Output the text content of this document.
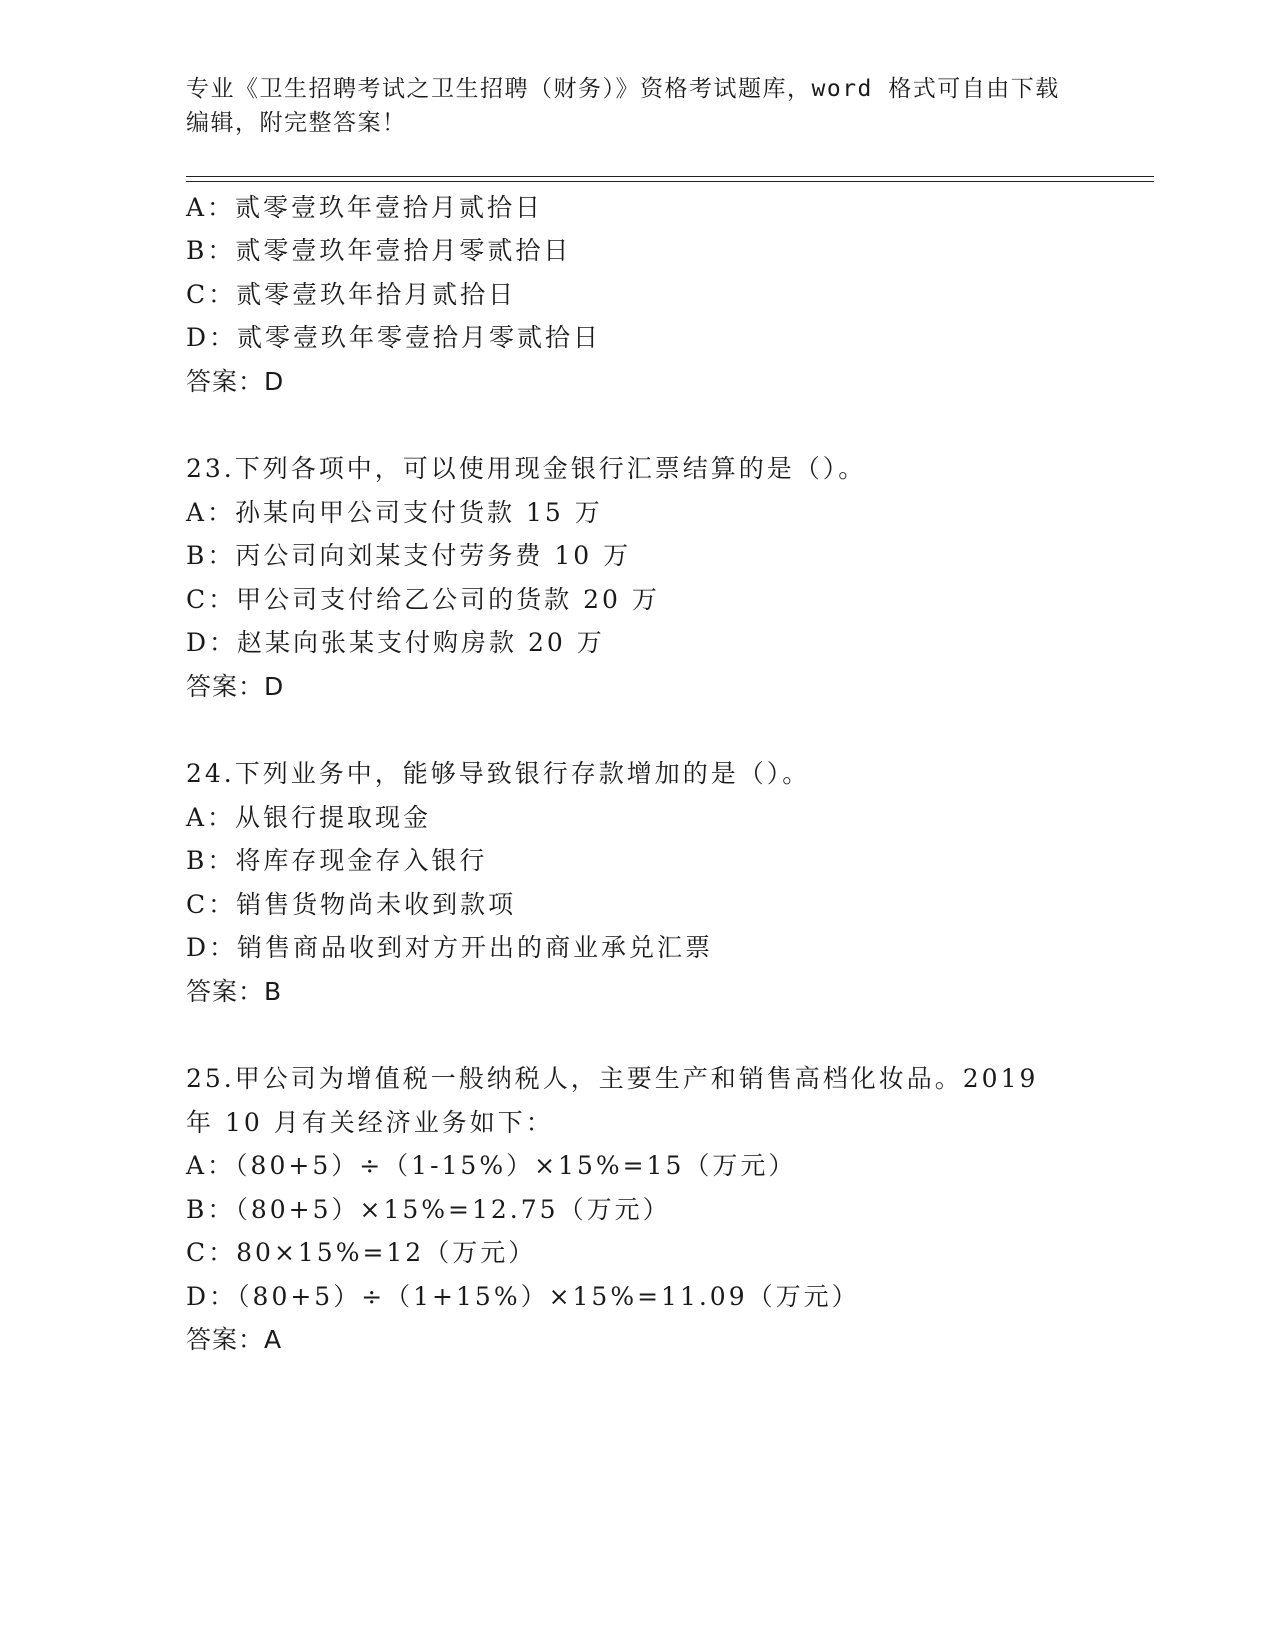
专业《卫生招聘考试之卫生招聘（财务）》资格考试题库，word 格式可自由下载
编辑，附完整答案！
A：贰零壹玖年壹拾月贰拾日
B：贰零壹玖年壹拾月零贰拾日
C：贰零壹玖年拾月贰拾日
D：贰零壹玖年零壹拾月零贰拾日
答案：D
23.下列各项中，可以使用现金银行汇票结算的是（）。
A：孙某向甲公司支付货款 15 万
B：丙公司向刘某支付劳务费 10 万
C：甲公司支付给乙公司的货款 20 万
D：赵某向张某支付购房款 20 万
答案：D
24.下列业务中，能够导致银行存款增加的是（）。
A：从银行提取现金
B：将库存现金存入银行
C：销售货物尚未收到款项
D：销售商品收到对方开出的商业承兑汇票
答案：B
25.甲公司为增值税一般纳税人，主要生产和销售高档化妆品。2019
年 10 月有关经济业务如下：
A：（80+5）÷（1-15%）×15%=15（万元）
B：（80+5）×15%=12.75（万元）
C：80×15%=12（万元）
D：（80+5）÷（1+15%）×15%=11.09（万元）
答案：A
